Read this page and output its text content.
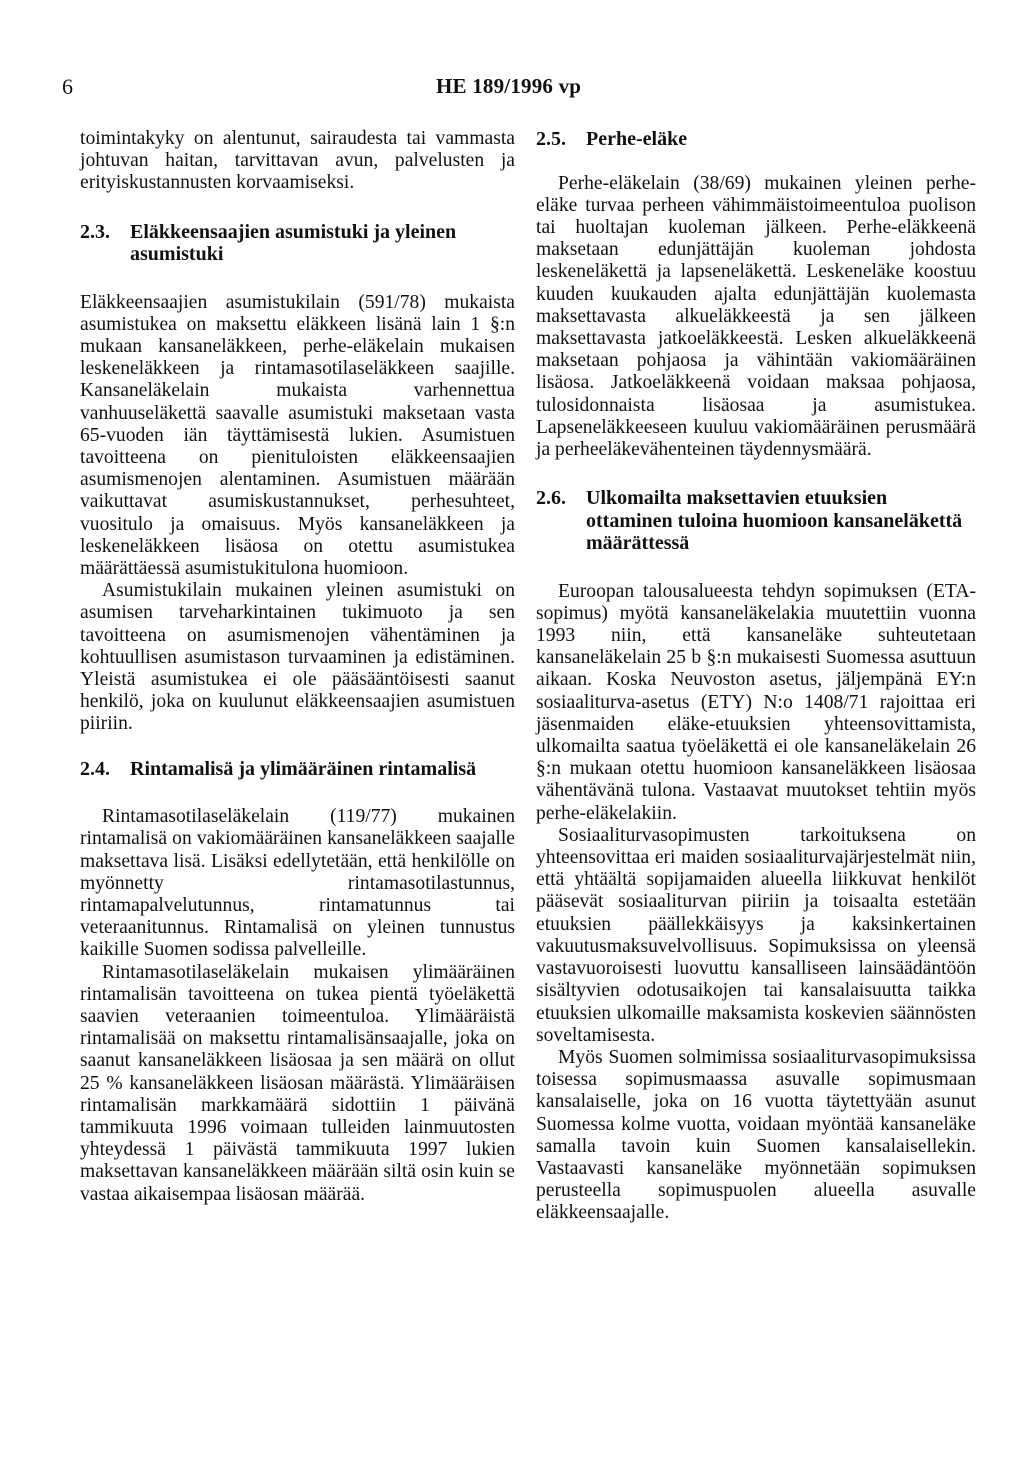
6	HE 189/1996 vp

toimintakyky on alentunut, sairaudesta tai vammasta johtuvan haitan, tarvittavan avun, palvelusten ja erityiskustannusten korvaamiseksi.

2.3.	Eläkkeensaajien asumistuki ja yleinen asumistuki

Eläkkeensaajien asumistukilain (591/78) mukaista asumistukea on maksettu eläkkeen lisänä lain 1 §:n mukaan kansaneläkkeen, perhe-eläkelain mukaisen leskeneläkkeen ja rintamasotilaseläkkeen saajille. Kansaneläkelain mukaista varhennettua vanhuuseläkettä saavalle asumistuki maksetaan vasta 65-vuoden iän täyttämisestä lukien. Asumistuen tavoitteena on pienituloisten eläkkeensaajien asumismenojen alentaminen. Asumistuen määrään vaikuttavat asumiskustannukset, perhesuhteet, vuositulo ja omaisuus. Myös kansaneläkkeen ja leskeneläkkeen lisäosa on otettu asumistukea määrättäessä asumistukitulona huomioon.

Asumistukilain mukainen yleinen asumistuki on asumisen tarveharkintainen tukimuoto ja sen tavoitteena on asumismenojen vähentäminen ja kohtuullisen asumistason turvaaminen ja edistäminen. Yleistä asumistukea ei ole pääsääntöisesti saanut henkilö, joka on kuulunut eläkkeensaajien asumistuen piiriin.

2.4.	Rintamalisä ja ylimääräinen rintamalisä

Rintamasotilaseläkelain (119/77) mukainen rintamalisä on vakiomääräinen kansaneläkkeen saajalle maksettava lisä. Lisäksi edellytetään, että henkilölle on myönnetty rintamasotilastunnus, rintamapalvelutunnus, rintamatunnus tai veteraanitunnus. Rintamalisä on yleinen tunnustus kaikille Suomen sodissa palvelleille.

Rintamasotilaseläkelain mukaisen ylimääräinen rintamalisän tavoitteena on tukea pientä työeläkettä saavien veteraanien toimeentuloa. Ylimääräistä rintamalisää on maksettu rintamalisänsaajalle, joka on saanut kansaneläkkeen lisäosaa ja sen määrä on ollut 25 % kansaneläkkeen lisäosan määrästä. Ylimääräisen rintamalisän markkamäärä sidottiin 1 päivänä tammikuuta 1996 voimaan tulleiden lainmuutosten yhteydessä 1 päivästä tammikuuta 1997 lukien maksettavan kansaneläkkeen määrään siltä osin kuin se vastaa aikaisempaa lisäosan määrää.

2.5.	Perhe-eläke

Perhe-eläkelain (38/69) mukainen yleinen perhe-eläke turvaa perheen vähimmäistoimeentuloa puolison tai huoltajan kuoleman jälkeen. Perhe-eläkkeenä maksetaan edunjättäjän kuoleman johdosta leskeneläkettä ja lapseneläkettä. Leskeneläke koostuu kuuden kuukauden ajalta edunjättäjän kuolemasta maksettavasta alkueläkkeestä ja sen jälkeen maksettavasta jatkoeläkkeestä. Lesken alkueläkkeenä maksetaan pohjaosa ja vähintään vakiomääräinen lisäosa. Jatkoeläkkeenä voidaan maksaa pohjaosa, tulosidonnaista lisäosaa ja asumistukea. Lapseneläkkeeseen kuuluu vakiomääräinen perusmäärä ja perheeläkevähenteinen täydennysmäärä.

2.6.	Ulkomailta maksettavien etuuksien ottaminen tuloina huomioon kansaneläkettä määrättessä

Euroopan talousalueesta tehdyn sopimuksen (ETA-sopimus) myötä kansaneläkelakia muutettiin vuonna 1993 niin, että kansaneläke suhteutetaan kansaneläkelain 25 b §:n mukaisesti Suomessa asuttuun aikaan. Koska Neuvoston asetus, jäljempänä EY:n sosiaaliturva-asetus (ETY) N:o 1408/71 rajoittaa eri jäsenmaiden eläke-etuuksien yhteensovittamista, ulkomailta saatua työeläkettä ei ole kansaneläkelain 26 §:n mukaan otettu huomioon kansaneläkkeen lisäosaa vähentävänä tulona. Vastaavat muutokset tehtiin myös perhe-eläkelakiin.

Sosiaaliturvasopimusten tarkoituksena on yhteensovittaa eri maiden sosiaaliturvajärjestelmät niin, että yhtäältä sopijamaiden alueella liikkuvat henkilöt pääsevät sosiaaliturvan piiriin ja toisaalta estetään etuuksien päällekkäisyys ja kaksinkertainen vakuutusmaksuvelvollisuus. Sopimuksissa on yleensä vastavuoroisesti luovuttu kansalliseen lainsäädäntöön sisältyvien odotusaikojen tai kansalaisuutta taikka etuuksien ulkomaille maksamista koskevien säännösten soveltamisesta.

Myös Suomen solmimissa sosiaaliturvasopimuksissa toisessa sopimusmaassa asuvalle sopimusmaan kansalaiselle, joka on 16 vuotta täytettyään asunut Suomessa kolme vuotta, voidaan myöntää kansaneläke samalla tavoin kuin Suomen kansalaisellekin. Vastaavasti kansaneläke myönnetään sopimuksen perusteella sopimuspuolen alueella asuvalle eläkkeensaajalle.
